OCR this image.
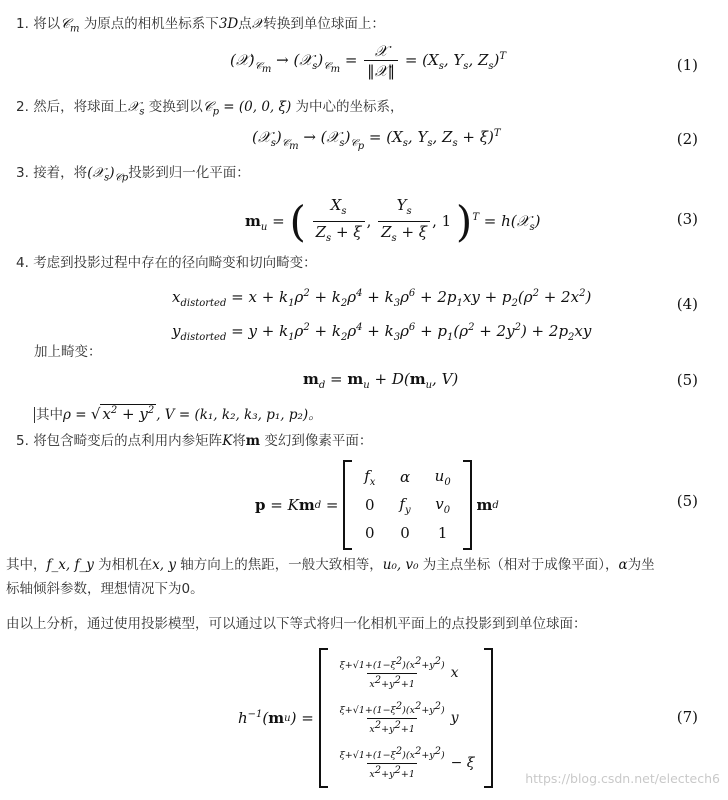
1. 将以𝒞$_m$ 为原点的相机坐标系下3D点𝒳转换到单位球面上：
$(𝒳)_{𝒞_m}$ → $(𝒳_s)_{𝒞_m} = \frac{\text{𝒳}}{\text{‖𝒳‖}} = (X_s$, $Y_s$, $Z_s)^T$	(1)
2. 然后，将球面上𝒳$_s$ 变换到以𝒞$_p$ = (0, 0, ξ) 为中心的坐标系，
$(𝒳_s)_{𝒞_m}$ → $(𝒳_s)_{𝒞_p} = (X_s$, $Y_s$, $Z_s + \xi)^T$	(2)
3. 接着，将$(𝒳_s)_{𝒞p}$投影到归一化平面：
$m_u$ = ( $\frac{X_s}{Z_s + \xi}$ , $\frac{Y_s}{Z_s + \xi}$ , 1 )$^T$ = h(𝒳$_s$)	(3)
4. 考虑到投影过程中存在的径向畸变和切向畸变：
$x_{distorted} = x + k_1\rho^2 + k_2\rho^4 + k_3\rho^6 + 2p_1xy + p_2(\rho^2 + 2x^2)$
$y_{distorted} = y + k_1\rho^2 + k_2\rho^4 + k_3\rho^6 + p_1(\rho^2 + 2y^2) + 2p_2xy$
(4)
加上畸变：
$m_d = m_u + D(m_u$, V)	(5)
其中ρ = √ $x^2 + y^2$ , V = (k₁, k₂, k₃, p₁, p₂)。
5. 将包含畸变后的点利用内参矩阵K将m 变幻到像素平面：
p = K m d =
$f_x$	α	$u_0$
0	$f_y$	$v_0$
0	0	1

m d	(5)
其中，f_x, f_y 为相机在x, y 轴方向上的焦距，一般大致相等，u₀, v₀ 为主点坐标（相对于成像平面），α为坐
标轴倾斜参数，理想情况下为0。
由以上分析，通过使用投影模型，可以通过以下等式将归一化相机平面上的点投影到到单位球面：
$h^{-1}$( m u ) =
$\frac{\xi+√1+(1-\xi^2)(x^2+y^2)}{x^2+y^2+1}$
x
$\frac{\xi+√1+(1-\xi^2)(x^2+y^2)}{x^2+y^2+1}$
y
$\frac{\xi+√1+(1-\xi^2)(x^2+y^2)}{x^2+y^2+1}$
− ξ
(7)
https://blog.csdn.net/electech6
